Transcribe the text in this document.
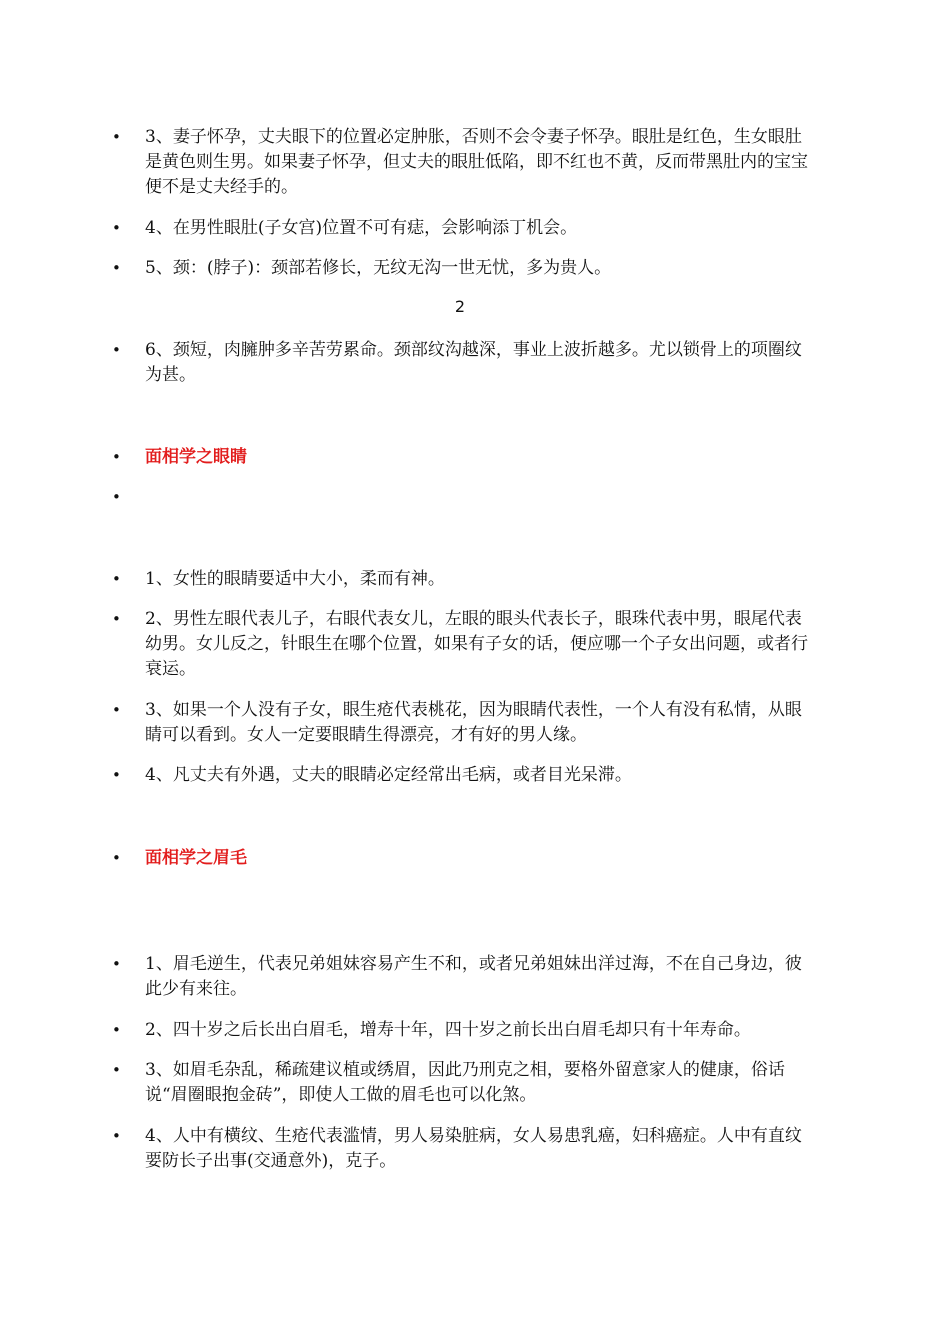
• 3、妻子怀孕，丈夫眼下的位置必定肿胀，否则不会令妻子怀孕。眼肚是红色，生女眼肚是黄色则生男。如果妻子怀孕，但丈夫的眼肚低陷，即不红也不黄，反而带黑肚内的宝宝便不是丈夫经手的。
• 4、在男性眼肚(子女宫)位置不可有痣，会影响添丁机会。
• 5、颈：(脖子)：颈部若修长，无纹无沟一世无忧，多为贵人。
2
• 6、颈短，肉臃肿多辛苦劳累命。颈部纹沟越深，事业上波折越多。尤以锁骨上的项圈纹为甚。
• 面相学之眼睛
•
• 1、女性的眼睛要适中大小，柔而有神。
• 2、男性左眼代表儿子，右眼代表女儿，左眼的眼头代表长子，眼珠代表中男，眼尾代表幼男。女儿反之，针眼生在哪个位置，如果有子女的话，便应哪一个子女出问题，或者行衰运。
• 3、如果一个人没有子女，眼生疮代表桃花，因为眼睛代表性，一个人有没有私情，从眼睛可以看到。女人一定要眼睛生得漂亮，才有好的男人缘。
• 4、凡丈夫有外遇，丈夫的眼睛必定经常出毛病，或者目光呆滞。
• 面相学之眉毛
• 1、眉毛逆生，代表兄弟姐妹容易产生不和，或者兄弟姐妹出洋过海，不在自己身边，彼此少有来往。
• 2、四十岁之后长出白眉毛，增寿十年，四十岁之前长出白眉毛却只有十年寿命。
• 3、如眉毛杂乱，稀疏建议植或绣眉，因此乃刑克之相，要格外留意家人的健康，俗话说“眉圈眼抱金砖”，即使人工做的眉毛也可以化煞。
• 4、人中有横纹、生疮代表滥情，男人易染脏病，女人易患乳癌，妇科癌症。人中有直纹要防长子出事(交通意外)，克子。
